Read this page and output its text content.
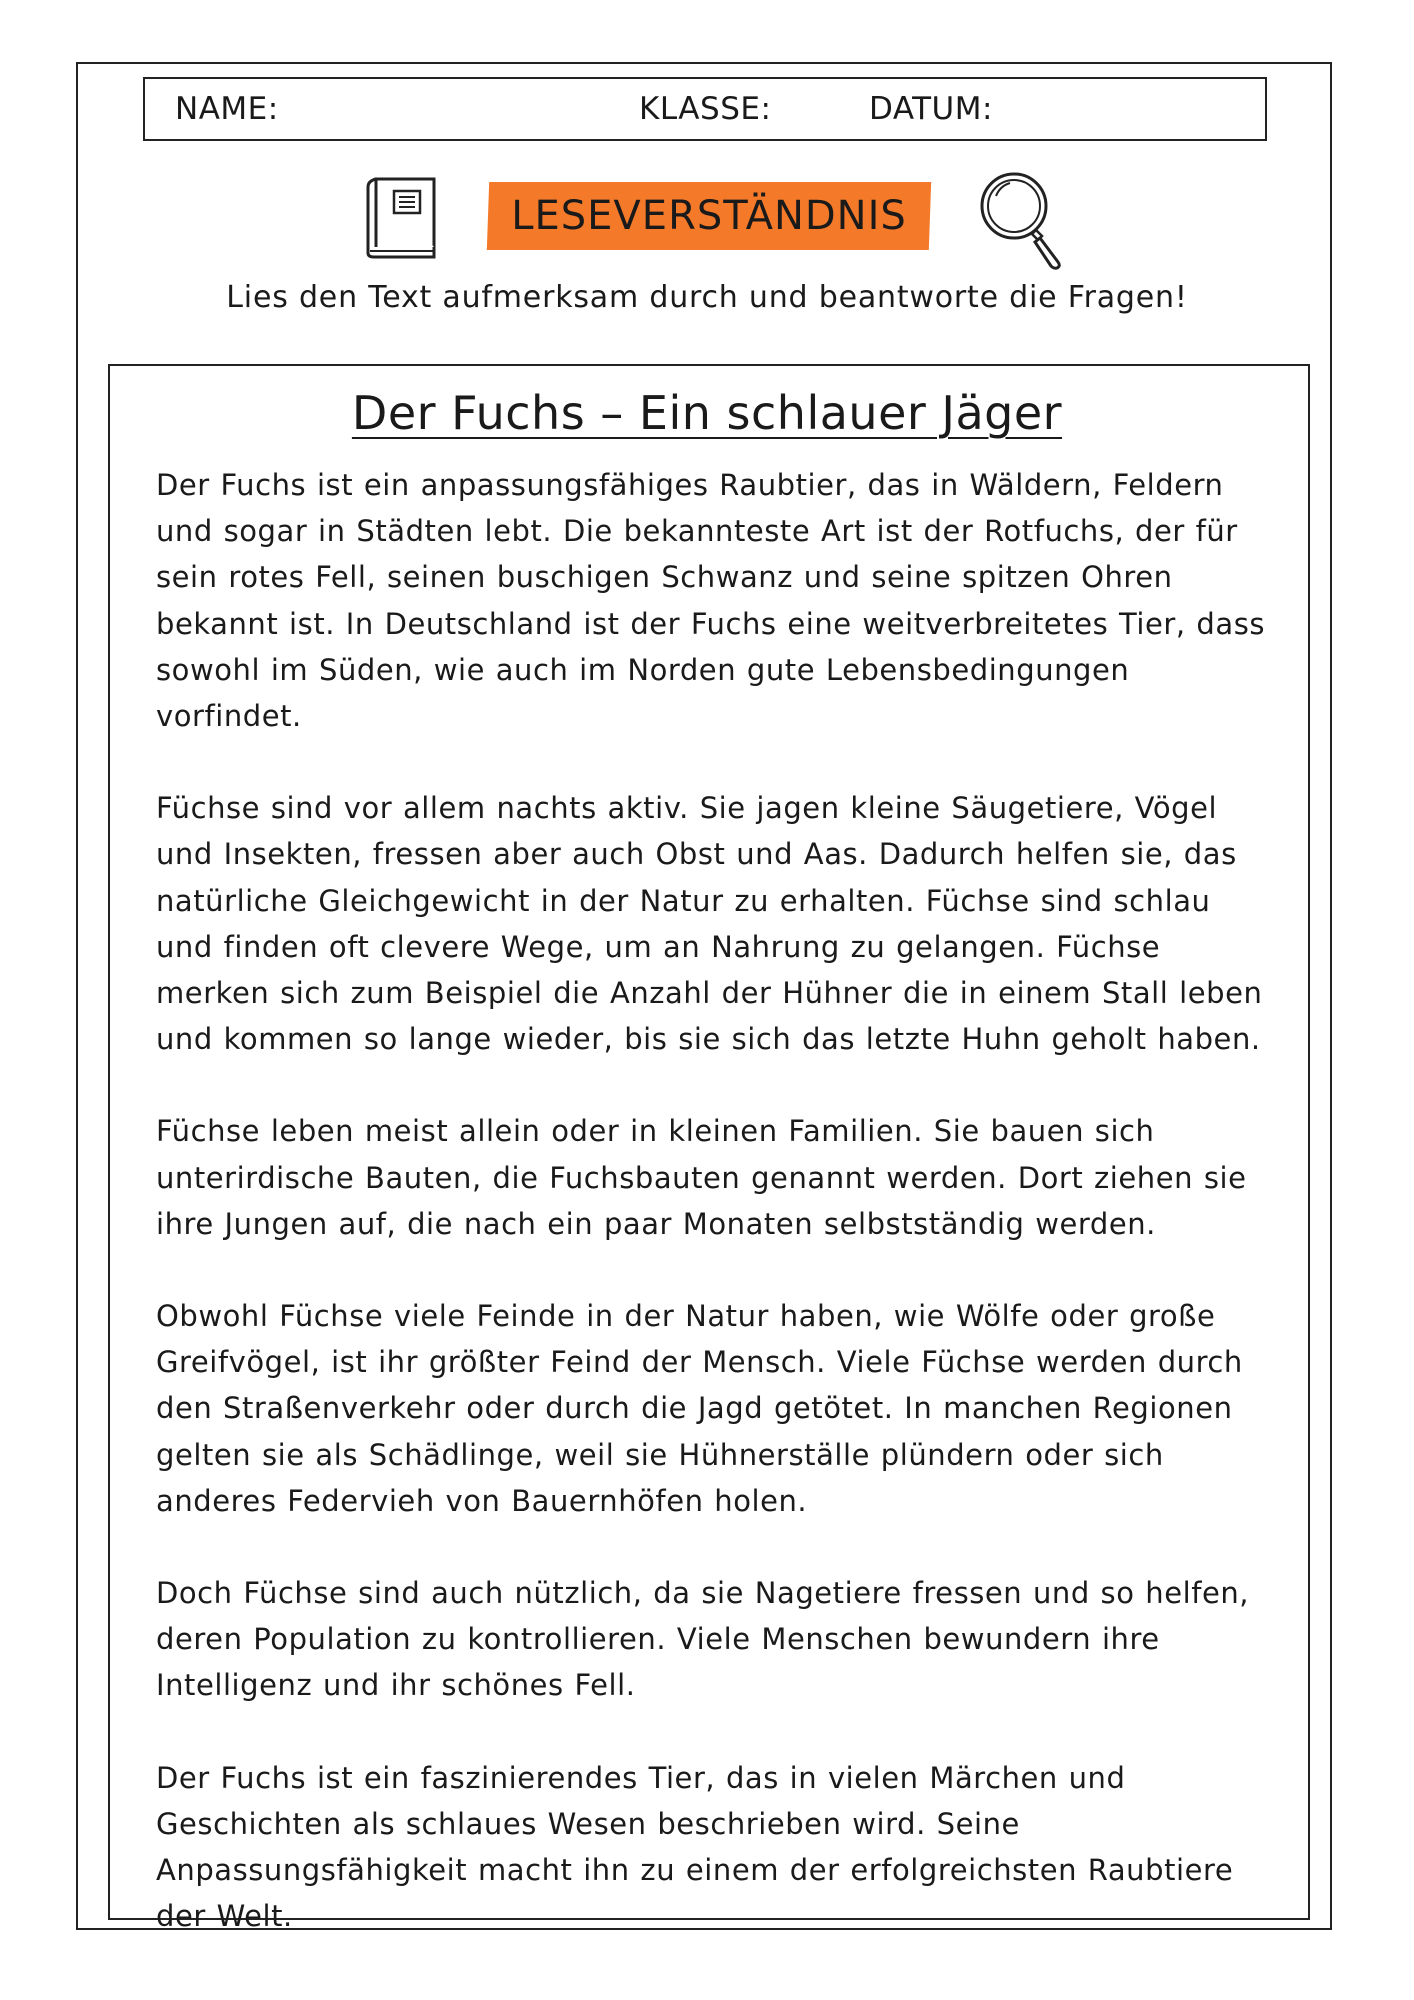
NAME:	KLASSE:	DATUM:
LESEVERSTÄNDNIS
Lies den Text aufmerksam durch und beantworte die Fragen!
Der Fuchs – Ein schlauer Jäger

Der Fuchs ist ein anpassungsfähiges Raubtier, das in Wäldern, Feldern und sogar in Städten lebt. Die bekannteste Art ist der Rotfuchs, der für sein rotes Fell, seinen buschigen Schwanz und seine spitzen Ohren bekannt ist. In Deutschland ist der Fuchs eine weitverbreitetes Tier, dass sowohl im Süden, wie auch im Norden gute Lebensbedingungen vorfindet.

Füchse sind vor allem nachts aktiv. Sie jagen kleine Säugetiere, Vögel und Insekten, fressen aber auch Obst und Aas. Dadurch helfen sie, das natürliche Gleichgewicht in der Natur zu erhalten. Füchse sind schlau und finden oft clevere Wege, um an Nahrung zu gelangen. Füchse merken sich zum Beispiel die Anzahl der Hühner die in einem Stall leben und kommen so lange wieder, bis sie sich das letzte Huhn geholt haben.

Füchse leben meist allein oder in kleinen Familien. Sie bauen sich unterirdische Bauten, die Fuchsbauten genannt werden. Dort ziehen sie ihre Jungen auf, die nach ein paar Monaten selbstständig werden.

Obwohl Füchse viele Feinde in der Natur haben, wie Wölfe oder große Greifvögel, ist ihr größter Feind der Mensch. Viele Füchse werden durch den Straßenverkehr oder durch die Jagd getötet. In manchen Regionen gelten sie als Schädlinge, weil sie Hühnerställe plündern oder sich anderes Federvieh von Bauernhöfen holen.

Doch Füchse sind auch nützlich, da sie Nagetiere fressen und so helfen, deren Population zu kontrollieren. Viele Menschen bewundern ihre Intelligenz und ihr schönes Fell.

Der Fuchs ist ein faszinierendes Tier, das in vielen Märchen und Geschichten als schlaues Wesen beschrieben wird. Seine Anpassungsfähigkeit macht ihn zu einem der erfolgreichsten Raubtiere der Welt.
